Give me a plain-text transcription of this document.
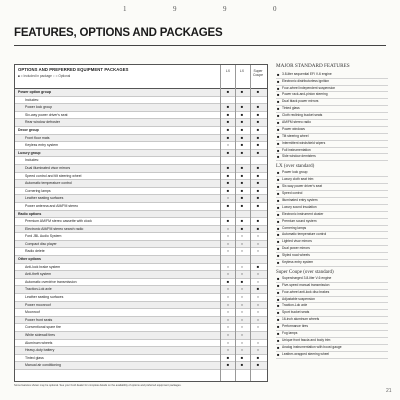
1	9	9	0
FEATURES, OPTIONS AND PACKAGES
OPTIONS AND PREFERRED EQUIPMENT PACKAGES
■ = Included in package ○ = Optional
LX	LX	Super Coupe
Power option group	■	■	■
Includes:
Power lock group	■	■	■
Six-way power driver's seat	■	■	■
Rear window defroster	■	■	■
Decor group	■	■	■
Front floor mats	■	■	■
Keyless entry system	○	■	■
Luxury group	■	■	■
Includes:
Dual illuminated visor mirrors	■	■	■
Speed control and tilt steering wheel	■	■	■
Automatic temperature control	■	■	■
Cornering lamps	■	■	■
Leather seating surfaces	○	■	■
Power antenna and AM/FM stereo	■	■	■
Radio options
Premium AM/FM stereo cassette with clock	■	■	■
Electronic AM/FM stereo search radio	○	■	■
Ford JBL Audio System	○	○	○
Compact disc player	○	○	○
Radio delete	○	○	○
Other options
Anti-lock brake system	○	○	■
Anti-theft system	○	○	○
Automatic overdrive transmission	■	■	○
Traction-Lok axle	○	○	■
Leather seating surfaces	○	○	○
Power moonroof	○	○	○
Moonroof	○	○	○
Power front seats	○	○	○
Conventional spare tire	○	○	○
White sidewall tires	○	○
Aluminum wheels	○	○	○
Heavy-duty battery	○	○	○
Tinted glass	■	■	■
Manual air conditioning	■	■	■
MAJOR STANDARD FEATURES
■ 3.8-liter sequential EFI V-6 engine
■ Electronic distributorless ignition
■ Four-wheel independent suspension
■ Power rack-and-pinion steering
■ Dual black power mirrors
■ Tinted glass
■ Cloth reclining bucket seats
■ AM/FM stereo radio
■ Power windows
■ Tilt steering wheel
■ Intermittent windshield wipers
■ Full instrumentation
■ Side window demisters
LX (over standard)
■ Power lock group
■ Luxury cloth seat trim
■ Six-way power driver's seat
■ Speed control
■ Illuminated entry system
■ Luxury sound insulation
■ Electronic instrument cluster
■ Premium sound system
■ Cornering lamps
■ Automatic temperature control
■ Lighted visor mirrors
■ Dual power mirrors
■ Styled road wheels
■ Keyless entry system
Super Coupe (over standard)
■ Supercharged 3.8-liter V-6 engine
■ Five-speed manual transmission
■ Four-wheel anti-lock disc brakes
■ Adjustable suspension
■ Traction-Lok axle
■ Sport bucket seats
■ 16-inch aluminum wheels
■ Performance tires
■ Fog lamps
■ Unique front fascia and body trim
■ Analog instrumentation with boost gauge
■ Leather-wrapped steering wheel
Some features shown may be optional. See your Ford dealer for complete details on the availability of options and preferred equipment packages.
21
